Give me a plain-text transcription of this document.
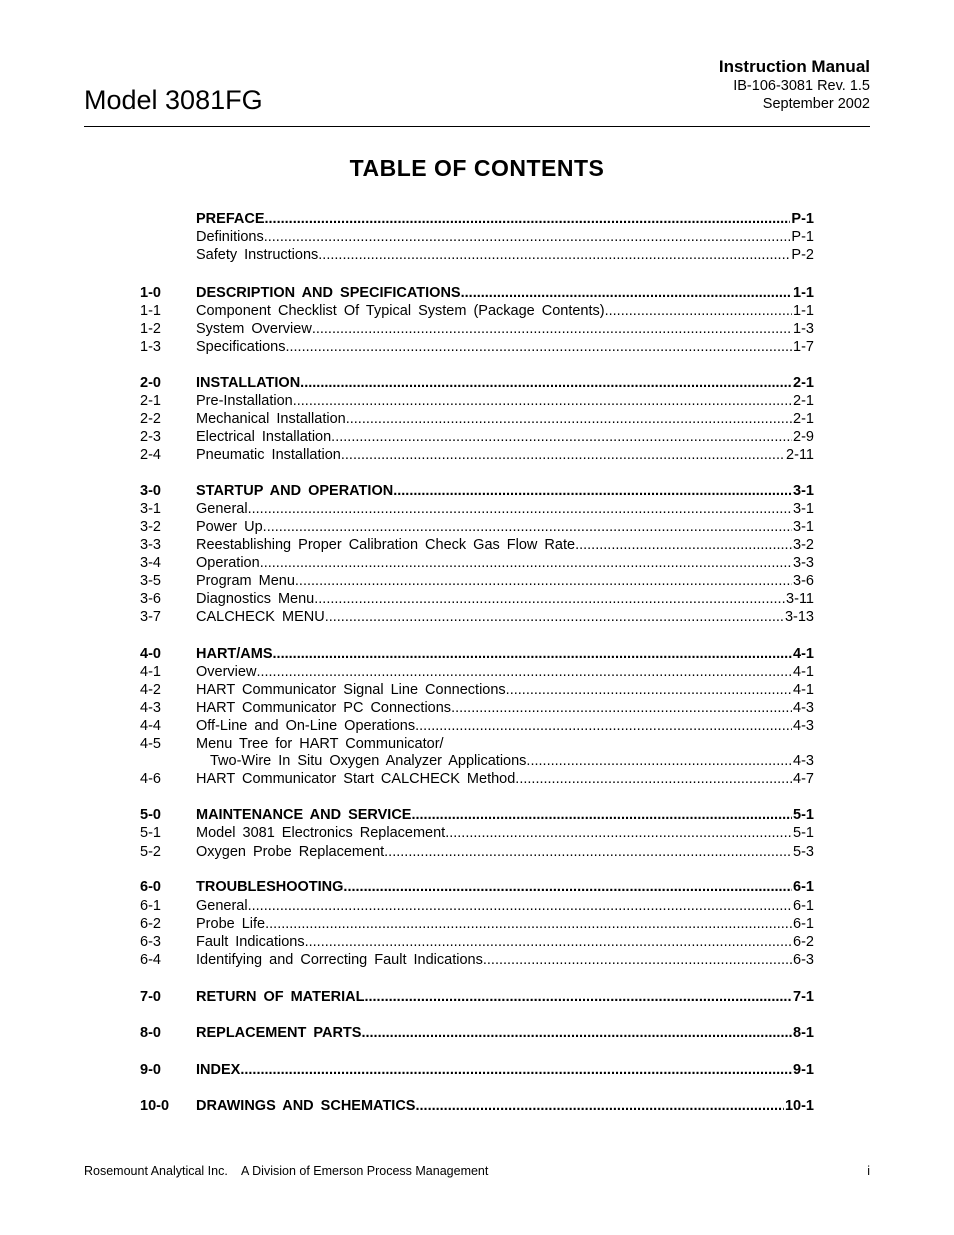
Model 3081FG
Instruction Manual
IB-106-3081 Rev. 1.5
September 2002
TABLE OF CONTENTS
PREFACE .....	P-1
Definitions .....	P-1
Safety Instructions .....	P-2
1-0 DESCRIPTION AND SPECIFICATIONS .....	1-1
1-1 Component Checklist Of Typical System (Package Contents) .....	1-1
1-2 System Overview .....	1-3
1-3 Specifications .....	1-7
2-0 INSTALLATION .....	2-1
2-1 Pre-Installation .....	2-1
2-2 Mechanical Installation .....	2-1
2-3 Electrical Installation .....	2-9
2-4 Pneumatic Installation .....	2-11
3-0 STARTUP AND OPERATION .....	3-1
3-1 General .....	3-1
3-2 Power Up .....	3-1
3-3 Reestablishing Proper Calibration Check Gas Flow Rate .....	3-2
3-4 Operation .....	3-3
3-5 Program Menu .....	3-6
3-6 Diagnostics Menu .....	3-11
3-7 CALCHECK MENU .....	3-13
4-0 HART/AMS .....	4-1
4-1 Overview .....	4-1
4-2 HART Communicator Signal Line Connections .....	4-1
4-3 HART Communicator PC Connections .....	4-3
4-4 Off-Line and On-Line Operations .....	4-3
4-5 Menu Tree for HART Communicator/
Two-Wire In Situ Oxygen Analyzer Applications .....	4-3
4-6 HART Communicator Start CALCHECK Method .....	4-7
5-0 MAINTENANCE AND SERVICE .....	5-1
5-1 Model 3081 Electronics Replacement .....	5-1
5-2 Oxygen Probe Replacement .....	5-3
6-0 TROUBLESHOOTING .....	6-1
6-1 General .....	6-1
6-2 Probe Life .....	6-1
6-3 Fault Indications .....	6-2
6-4 Identifying and Correcting Fault Indications .....	6-3
7-0 RETURN OF MATERIAL .....	7-1
8-0 REPLACEMENT PARTS .....	8-1
9-0 INDEX .....	9-1
10-0 DRAWINGS AND SCHEMATICS .....	10-1
Rosemount Analytical Inc.    A Division of Emerson Process Management	i
